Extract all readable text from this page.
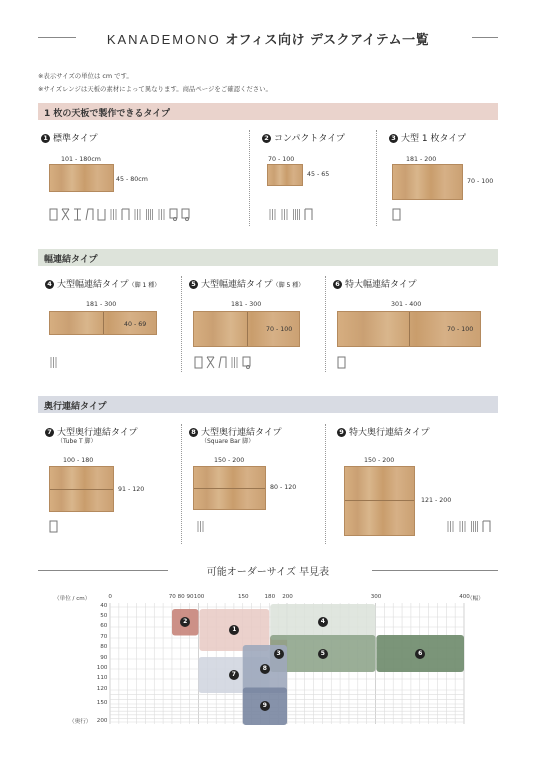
KANADEMONO オフィス向け デスクアイテム一覧
※表示サイズの単位は cm です。
※サイズレンジは天板の素材によって異なります。商品ページをご確認ください。
1 枚の天板で製作できるタイプ
1 標準タイプ
101 - 180cm
45 - 80cm
2 コンパクトタイプ
70 - 100
45 - 65
3 大型 1 枚タイプ
181 - 200
70 - 100
幅連結タイプ
4 大型幅連結タイプ（脚 1 種）
181 - 300
40 - 69
5 大型幅連結タイプ（脚 5 種）
181 - 300
70 - 100
6 特大幅連結タイプ
301 - 400
70 - 100
奥行連結タイプ
7 大型奥行連結タイプ
（Tube T 脚）
100 - 180
91 - 120
8 大型奥行連結タイプ
（Square Bar 脚）
150 - 200
80 - 120
9 特大奥行連結タイプ
150 - 200
121 - 200
可能オーダーサイズ 早見表
（単位 / cm）	（幅）
（奥行）
0	70 80 90 100	150	180 200	300	400
40
50
60
70
80
90
100
110
120
150
200
2
1
3
4
5	6
7
8
9
